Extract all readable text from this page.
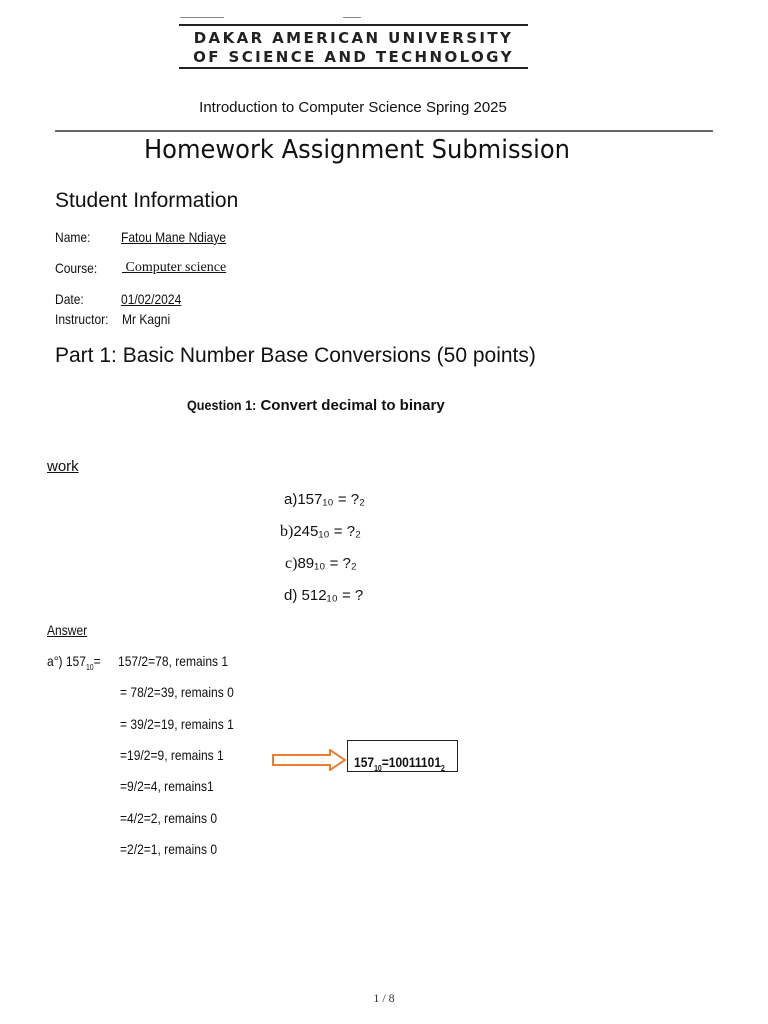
DAKAR AMERICAN UNIVERSITY
OF SCIENCE AND TECHNOLOGY
Introduction to Computer Science Spring 2025
Homework Assignment Submission
Student Information
Name: Fatou Mane Ndiaye
Course: Computer science
Date:	01/02/2024
Instructor: Mr Kagni
Part 1: Basic Number Base Conversions (50 points)
Question 1: Convert decimal to binary
work
a)157₁₀ = ?₂
b)245₁₀ = ?₂
c)89₁₀ = ?₂
d) 512₁₀ = ?
Answer
a°) $157_{10}= 157/2=78$, remains 1
= 78/2=39, remains 0
= 39/2=19, remains 1
=19/2=9, remains 1
=9/2=4, remains1
=4/2=2, remains 0
=2/2=1, remains 0
$157_{10}=10011101_2$
1 / 8
